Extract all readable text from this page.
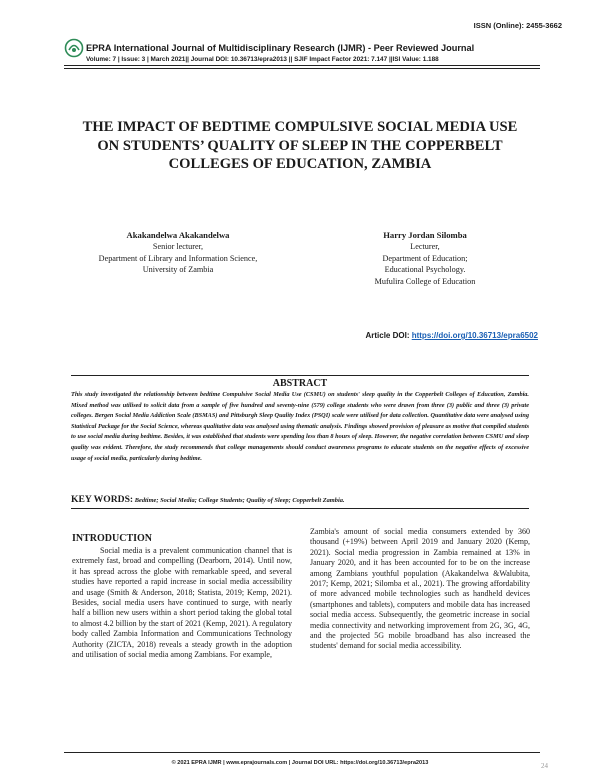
ISSN (Online): 2455-3662
EPRA International Journal of Multidisciplinary Research (IJMR) - Peer Reviewed Journal
Volume: 7 | Issue: 3 | March 2021|| Journal DOI: 10.36713/epra2013 || SJIF Impact Factor 2021: 7.147 ||ISI Value: 1.188
THE IMPACT OF BEDTIME COMPULSIVE SOCIAL MEDIA USE ON STUDENTS’ QUALITY OF SLEEP IN THE COPPERBELT COLLEGES OF EDUCATION, ZAMBIA
Akakandelwa Akakandelwa
Senior lecturer,
Department of Library and Information Science,
University of Zambia
Harry Jordan Silomba
Lecturer,
Department of Education;
Educational Psychology.
Mufulira College of Education
Article DOI: https://doi.org/10.36713/epra6502
ABSTRACT
This study investigated the relationship between bedtime Compulsive Social Media Use (CSMU) on students' sleep quality in the Copperbelt Colleges of Education, Zambia. Mixed method was utilised to solicit data from a sample of five hundred and seventy-nine (579) college students who were drawn from three (3) public and three (3) private colleges. Bergen Social Media Addiction Scale (BSMAS) and Pittsburgh Sleep Quality Index (PSQI) scale were utilised for data collection. Quantitative data were analysed using Statistical Package for the Social Science, whereas qualitative data was analysed using thematic analysis. Findings showed provision of pleasure as motive that compiled students to use social media during bedtime. Besides, it was established that students were spending less than 8 hours of sleep. However, the negative correlation between CSMU and sleep quality was evident. Therefore, the study recommends that college managements should conduct awareness programs to educate students on the negative effects of excessive usage of social media, particularly during bedtime.
KEY WORDS: Bedtime; Social Media; College Students; Quality of Sleep; Copperbelt Zambia.
INTRODUCTION
Social media is a prevalent communication channel that is extremely fast, broad and compelling (Dearborn, 2014). Until now, it has spread across the globe with remarkable speed, and several studies have reported a rapid increase in social media accessibility and usage (Smith & Anderson, 2018; Statista, 2019; Kemp, 2021). Besides, social media users have continued to surge, with nearly half a billion new users within a short period taking the global total to almost 4.2 billion by the start of 2021 (Kemp, 2021). A regulatory body called Zambia Information and Communications Technology Authority (ZICTA, 2018) reveals a steady growth in the adoption and utilisation of social media among Zambians. For example,
Zambia's amount of social media consumers extended by 360 thousand (+19%) between April 2019 and January 2020 (Kemp, 2021). Social media progression in Zambia remained at 13% in January 2020, and it has been accounted for to be on the increase among Zambians youthful population (Akakandelwa &Walubita, 2017; Kemp, 2021; Silomba et al., 2021). The growing affordability of more advanced mobile technologies such as handheld devices (smartphones and tablets), computers and mobile data has increased social media access. Subsequently, the geometric increase in social media connectivity and networking improvement from 2G, 3G, 4G, and the projected 5G mobile broadband has also increased the students' demand for social media accessibility.
© 2021 EPRA IJMR | www.eprajournals.com | Journal DOI URL: https://doi.org/10.36713/epra2013	24
